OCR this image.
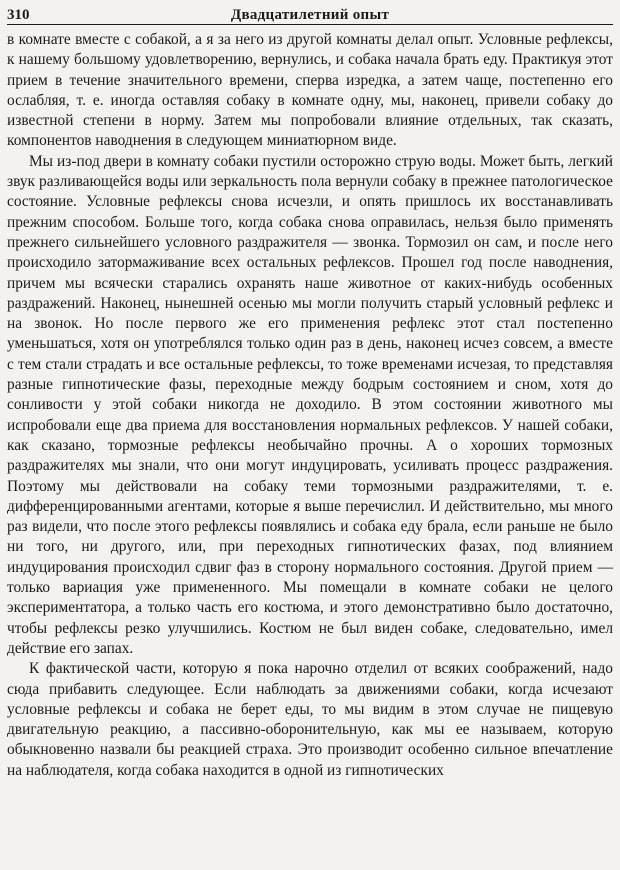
310	Двадцатилетний опыт

в комнате вместе с собакой, а я за него из другой комнаты делал опыт. Условные рефлексы, к нашему большому удовлетворению, вернулись, и собака начала брать еду. Практикуя этот прием в течение значительного времени, сперва изредка, а затем чаще, постепенно его ослабляя, т. е. иногда оставляя собаку в комнате одну, мы, наконец, привели собаку до известной степени в норму. Затем мы попробовали влияние отдельных, так сказать, компонентов наводнения в следующем миниатюрном виде.

Мы из-под двери в комнату собаки пустили осторожно струю воды. Может быть, легкий звук разливающейся воды или зеркальность пола вернули собаку в прежнее патологическое состояние. Условные рефлексы снова исчезли, и опять пришлось их восстанавливать прежним способом. Больше того, когда собака снова оправилась, нельзя было применять прежнего сильнейшего условного раздражителя — звонка. Тормозил он сам, и после него происходило затормаживание всех остальных рефлексов. Прошел год после наводнения, причем мы всячески старались охранять наше животное от каких-нибудь особенных раздражений. Наконец, нынешней осенью мы могли получить старый условный рефлекс и на звонок. Но после первого же его применения рефлекс этот стал постепенно уменьшаться, хотя он употреблялся только один раз в день, наконец исчез совсем, а вместе с тем стали страдать и все остальные рефлексы, то тоже временами исчезая, то представляя разные гипнотические фазы, переходные между бодрым состоянием и сном, хотя до сонливости у этой собаки никогда не доходило. В этом состоянии животного мы испробовали еще два приема для восстановления нормальных рефлексов. У нашей собаки, как сказано, тормозные рефлексы необычайно прочны. А о хороших тормозных раздражителях мы знали, что они могут индуцировать, усиливать процесс раздражения. Поэтому мы действовали на собаку теми тормозными раздражителями, т. е. дифференцированными агентами, которые я выше перечислил. И действительно, мы много раз видели, что после этого рефлексы появлялись и собака еду брала, если раньше не было ни того, ни другого, или, при переходных гипнотических фазах, под влиянием индуцирования происходил сдвиг фаз в сторону нормального состояния. Другой прием — только вариация уже примененного. Мы помещали в комнате собаки не целого экспериментатора, а только часть его костюма, и этого демонстративно было достаточно, чтобы рефлексы резко улучшились. Костюм не был виден собаке, следовательно, имел действие его запах.

К фактической части, которую я пока нарочно отделил от всяких соображений, надо сюда прибавить следующее. Если наблюдать за движениями собаки, когда исчезают условные рефлексы и собака не берет еды, то мы видим в этом случае не пищевую двигательную реакцию, а пассивно-оборонительную, как мы ее называем, которую обыкновенно назвали бы реакцией страха. Это производит особенно сильное впечатление на наблюдателя, когда собака находится в одной из гипнотических
